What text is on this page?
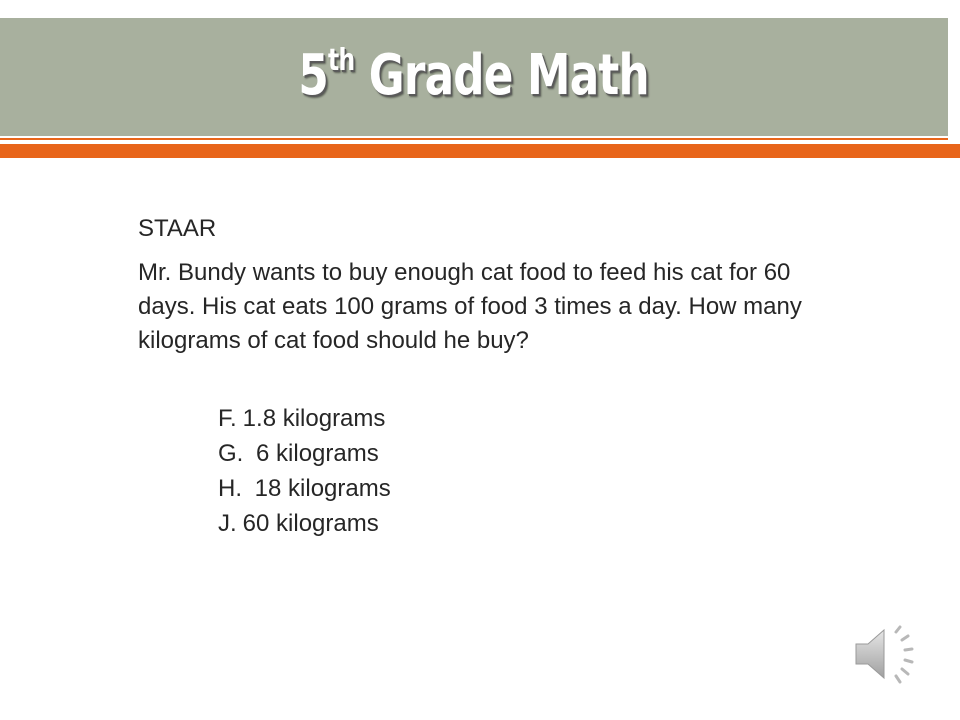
5th Grade Math

STAAR

Mr. Bundy wants to buy enough cat food to feed his cat for 60 days. His cat eats 100 grams of food 3 times a day. How many kilograms of cat food should he buy?

F. 1.8 kilograms
G. 6 kilograms
H. 18 kilograms
J. 60 kilograms
